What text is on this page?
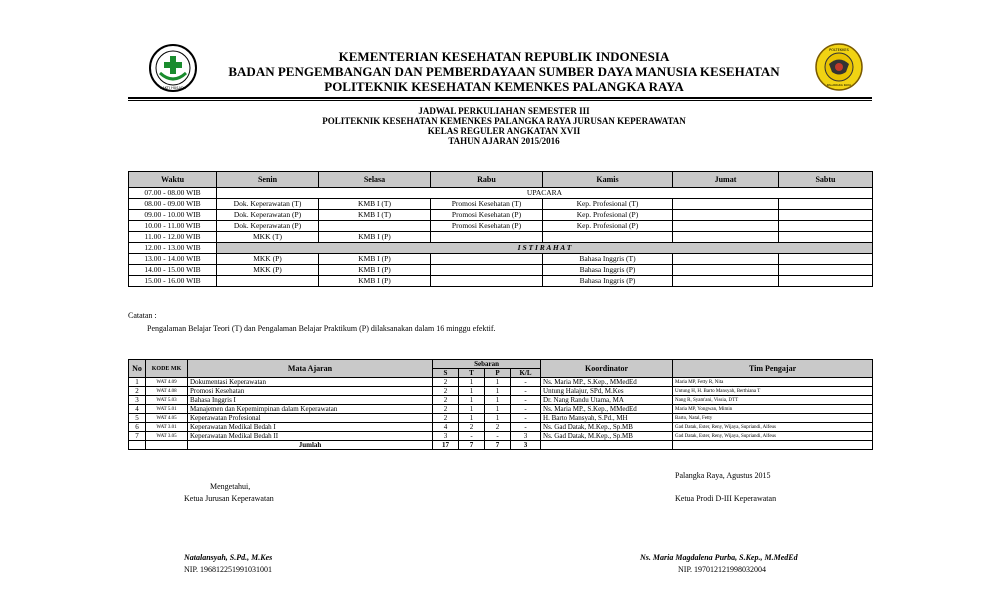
BAKTI HUSADA
POLTEKKES
PALANGKA RAYA
KEMENTERIAN KESEHATAN REPUBLIK INDONESIA
BADAN PENGEMBANGAN DAN PEMBERDAYAAN SUMBER DAYA MANUSIA KESEHATAN
POLITEKNIK KESEHATAN KEMENKES PALANGKA RAYA
JADWAL PERKULIAHAN SEMESTER III
POLITEKNIK KESEHATAN KEMENKES PALANGKA RAYA JURUSAN KEPERAWATAN
KELAS REGULER ANGKATAN XVII
TAHUN AJARAN 2015/2016
Waktu	Senin	Selasa	Rabu	Kamis	Jumat	Sabtu
07.00 - 08.00 WIB	UPACARA					
08.00 - 09.00 WIB	Dok. Keperawatan (T)	KMB I (T)	Promosi Kesehatan (T)	Kep. Profesional (T)		
09.00 - 10.00 WIB	Dok. Keperawatan (P)	KMB I (T)	Promosi Kesehatan (P)	Kep. Profesional (P)		
10.00 - 11.00 WIB	Dok. Keperawatan (P)		Promosi Kesehatan (P)	Kep. Profesional (P)		
11.00 - 12.00 WIB	MKK (T)	KMB I (P)				
12.00 - 13.00 WIB	I S T I R A H A T					
13.00 - 14.00 WIB	MKK (P)	KMB I (P)		Bahasa Inggris (T)		
14.00 - 15.00 WIB	MKK (P)	KMB I (P)		Bahasa Inggris (P)		
15.00 - 16.00 WIB		KMB I (P)		Bahasa Inggris (P)		
Catatan :
Pengalaman Belajar Teori (T) dan Pengalaman Belajar Praktikum (P) dilaksanakan dalam 16 minggu efektif.
No	KODE MK	Mata Ajaran	Sebaran				Koordinator	Tim Pengajar
			S	T	P	K/L		
1	WAT 4.09	Dokumentasi Keperawatan	2	1	1	-	Ns. Maria MP., S.Kep., MMedEd	Maria MP, Fetty R, Nita
2	WAT 4.08	Promosi Kesehatan	2	1	1	-	Untung Halajur, SPd, M.Kes	Untung H, H. Barto Mansyah, Berthiana T
3	WAT 5.03	Bahasa Inggris I	2	1	1	-	Dr. Nang Randu Utama, MA	Nang R, Syam'ani, Vissia, DTT
4	WAT 5.01	Manajemen dan Kepemimpinan dalam Keperawatan	2	1	1	-	Ns. Maria MP., S.Kep., MMedEd	Maria MP, Yongwan, Mimin
5	WAT 4.05	Keperawatan Profesional	2	1	1	-	H. Barto Mansyah, S.Pd., MH	Barto, Natal, Fetty
6	WAT 3.01	Keperawatan Medikal Bedah I	4	2	2	-	Ns. Gad Datak, M.Kep., Sp.MB	Gad Datak, Ester, Reny, Wijaya, Supriandi, Alfeus
7	WAT 3.05	Keperawatan Medikal Bedah II	3	-	-	3	Ns. Gad Datak, M.Kep., Sp.MB	Gad Datak, Ester, Reny, Wijaya, Supriandi, Alfeus
		Jumlah	17	7	7	3		
Palangka Raya, Agustus 2015
Mengetahui,
Ketua Jurusan Keperawatan	Ketua Prodi D-III Keperawatan
Natalansyah, S.Pd., M.Kes
NIP. 196812251991031001
Ns. Maria Magdalena Purba, S.Kep., M.MedEd
NIP. 197012121998032004
